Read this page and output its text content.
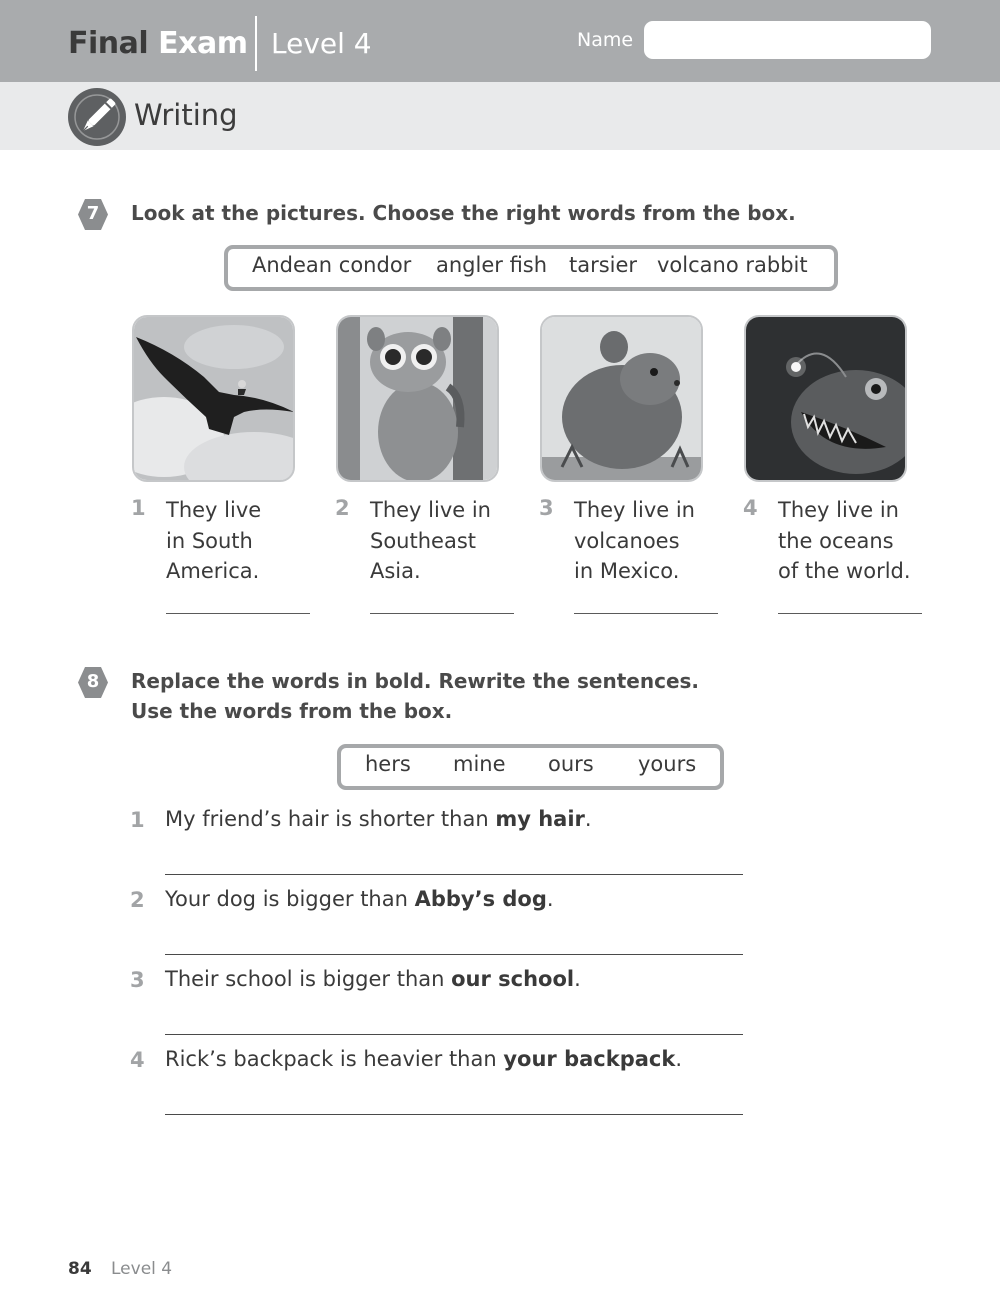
Final Exam Level 4	Name
Writing
7	Look at the pictures. Choose the right words from the box.
Andean condor angler fish tarsier volcano rabbit
1 They live
in South
America.
2 They live in
Southeast
Asia.
3 They live in
volcanoes
in Mexico.
4 They live in
the oceans
of the world.
8	Replace the words in bold. Rewrite the sentences.
Use the words from the box.
hers mine ours yours
1 My friend’s hair is shorter than my hair.
2 Your dog is bigger than Abby’s dog.
3 Their school is bigger than our school.
4 Rick’s backpack is heavier than your backpack.
84 Level 4
